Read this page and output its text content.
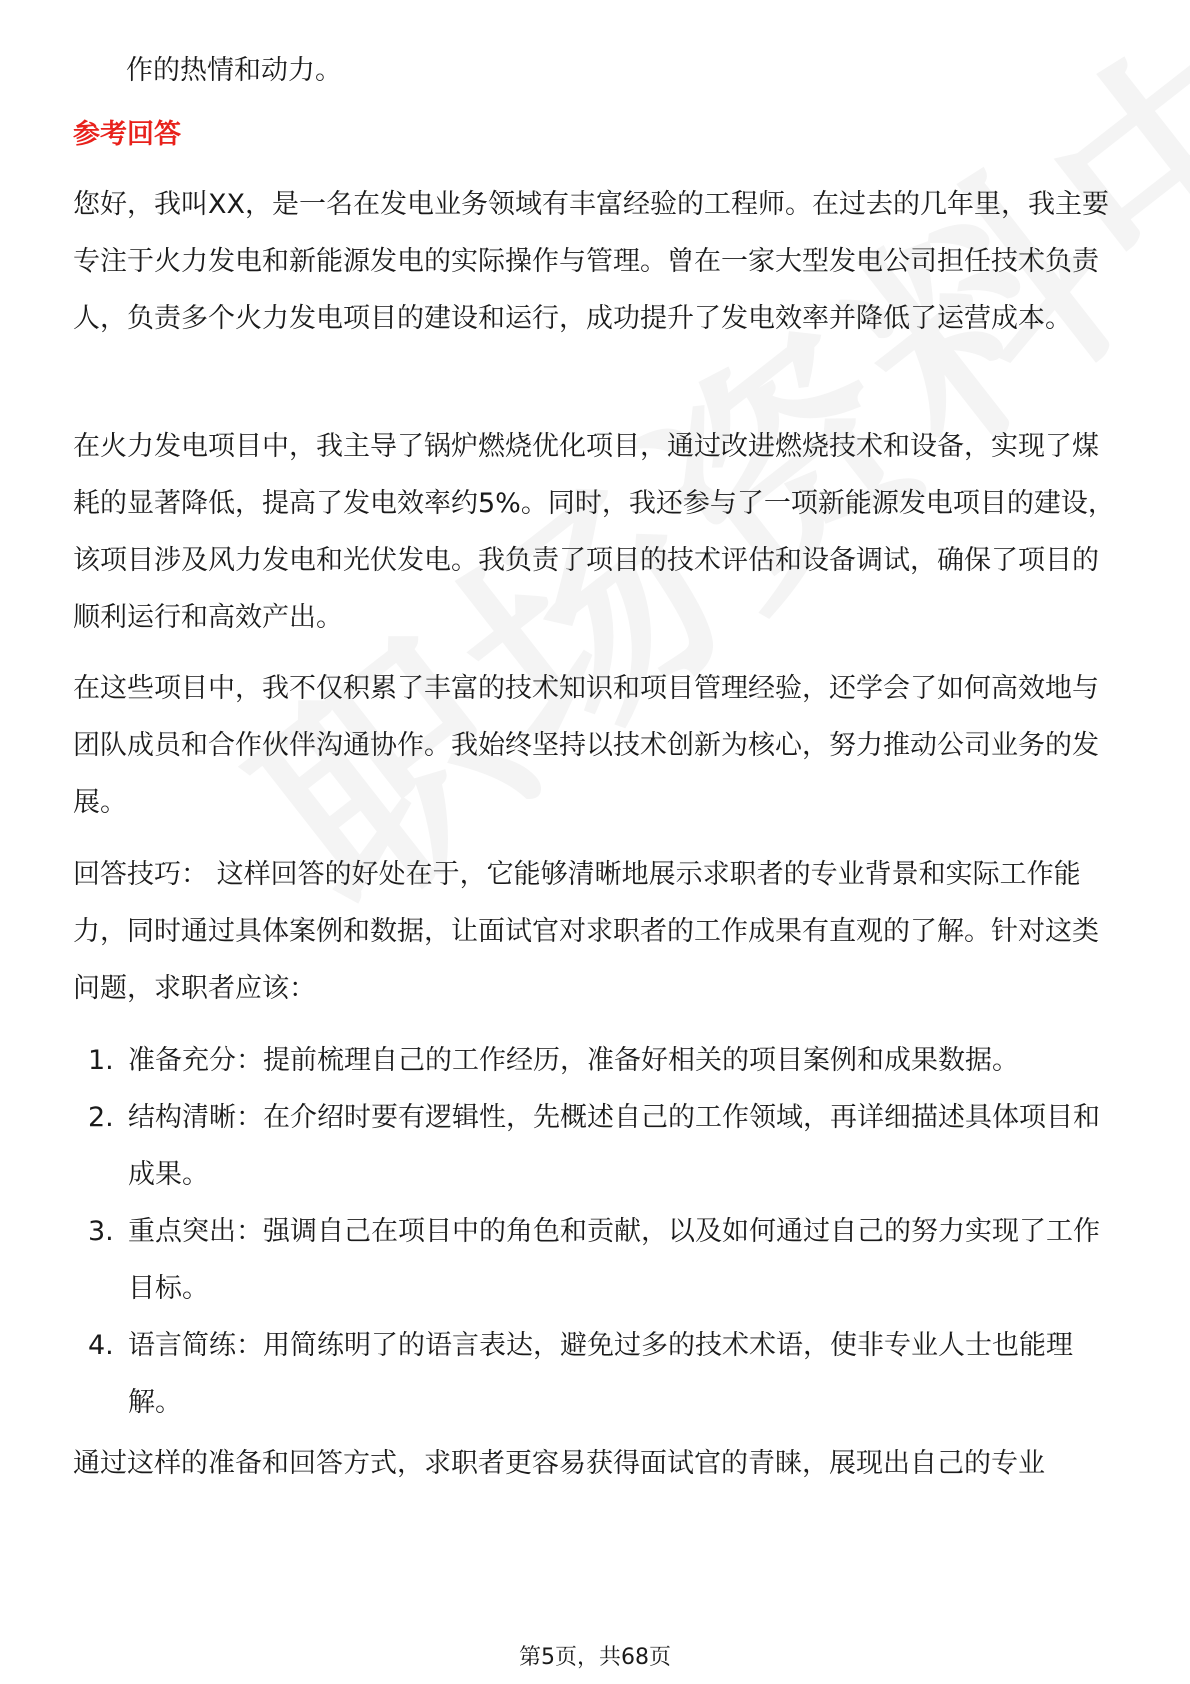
作的热情和动力。
参考回答

您好，我叫XX，是一名在发电业务领域有丰富经验的工程师。在过去的几年里，我主要专注于火力发电和新能源发电的实际操作与管理。曾在一家大型发电公司担任技术负责人，负责多个火力发电项目的建设和运行，成功提升了发电效率并降低了运营成本。

在火力发电项目中，我主导了锅炉燃烧优化项目，通过改进燃烧技术和设备，实现了煤耗的显著降低，提高了发电效率约5%。同时，我还参与了一项新能源发电项目的建设，该项目涉及风力发电和光伏发电。我负责了项目的技术评估和设备调试，确保了项目的顺利运行和高效产出。

在这些项目中，我不仅积累了丰富的技术知识和项目管理经验，还学会了如何高效地与团队成员和合作伙伴沟通协作。我始终坚持以技术创新为核心，努力推动公司业务的发展。

回答技巧： 这样回答的好处在于，它能够清晰地展示求职者的专业背景和实际工作能力，同时通过具体案例和数据，让面试官对求职者的工作成果有直观的了解。针对这类问题，求职者应该：

1. 准备充分：提前梳理自己的工作经历，准备好相关的项目案例和成果数据。
2. 结构清晰：在介绍时要有逻辑性，先概述自己的工作领域，再详细描述具体项目和成果。
3. 重点突出：强调自己在项目中的角色和贡献，以及如何通过自己的努力实现了工作目标。
4. 语言简练：用简练明了的语言表达，避免过多的技术术语，使非专业人士也能理解。

通过这样的准备和回答方式，求职者更容易获得面试官的青睐，展现出自己的专业

第5页，共68页
